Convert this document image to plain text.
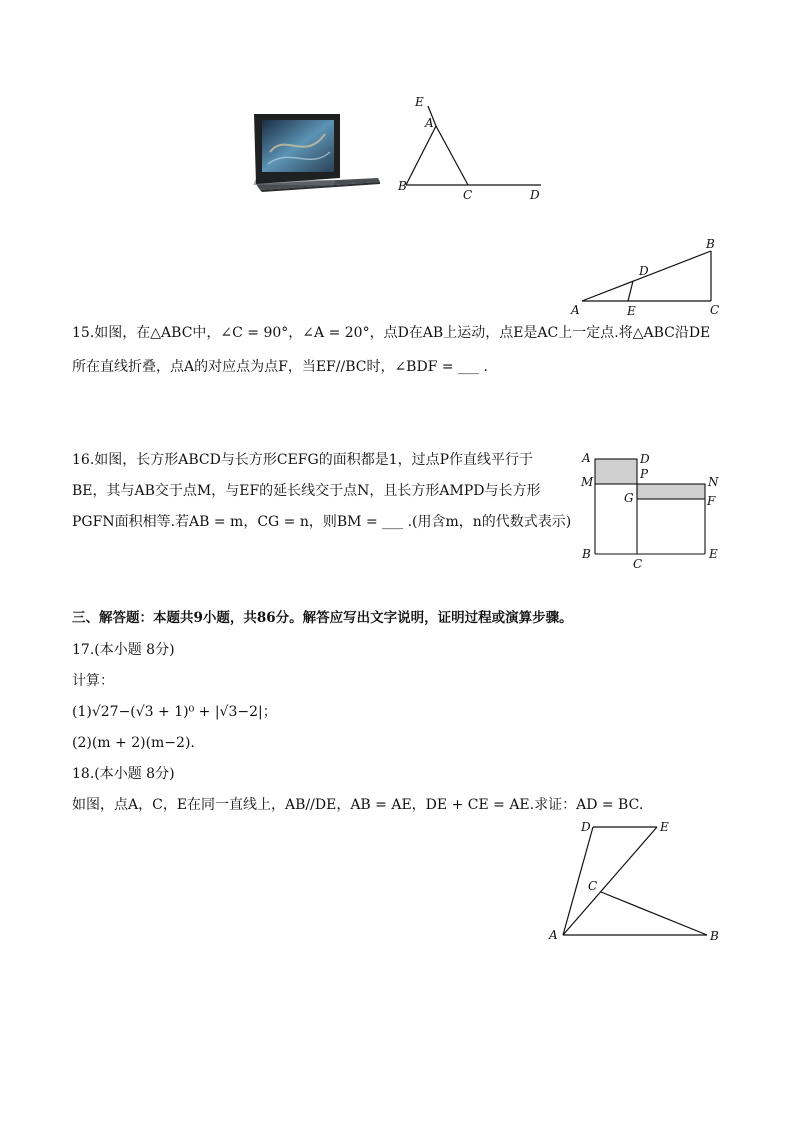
E
A
B
C	D
A
B
C
D
E
15.如图，在△ABC中，∠C = 90°，∠A = 20°，点D在AB上运动，点E是AC上一定点.将△ABC沿DE
所在直线折叠，点A的对应点为点F，当EF//BC时，∠BDF = ___ .
16.如图，长方形ABCD与长方形CEFG的面积都是1，过点P作直线平行于
BE，其与AB交于点M，与EF的延长线交于点N，且长方形AMPD与长方形
PGFN面积相等.若AB = m，CG = n，则BM = ___ .(用含m，n的代数式表示)
A	D
P
N
M
G	F
B
C
E
三、解答题：本题共9小题，共86分。解答应写出文字说明，证明过程或演算步骤。
17.(本小题 8分)
计算：
(1)√27−(√3 + 1)⁰ + |√3−2|；
(2)(m + 2)(m−2).
18.(本小题 8分)
如图，点A，C，E在同一直线上，AB//DE，AB = AE，DE + CE = AE.求证：AD = BC.
D	E
C
A	B
